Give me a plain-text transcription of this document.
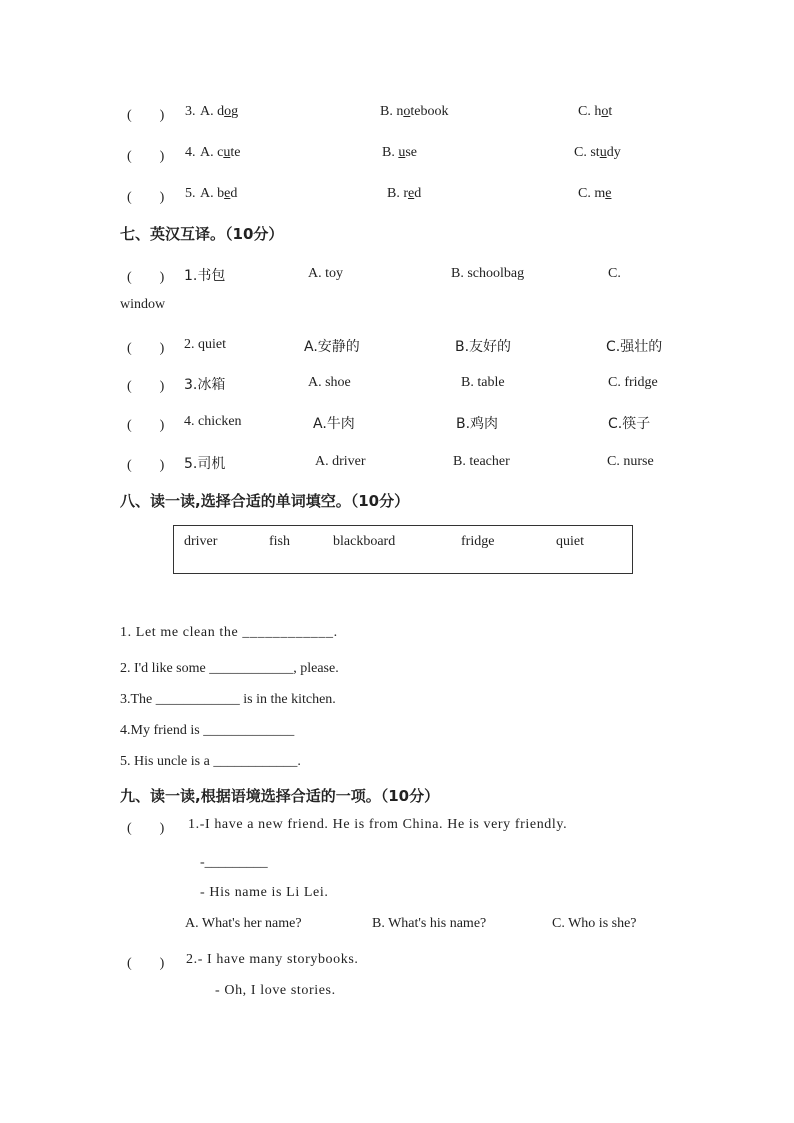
(　　) 3. A. dog	B. notebook	C. hot
(　　) 4. A. cute	B. use	C. study
(　　) 5. A. bed	B. red	C. me
七、英汉互译。（10分）
(　　) 1.书包	A. toy	B. schoolbag	C.
window
(　　) 2. quiet	A.安静的	B.友好的	C.强壮的
(　　) 3.冰箱	A. shoe	B. table	C. fridge
(　　) 4. chicken	A.牛肉	B.鸡肉	C.筷子
(　　) 5.司机	A. driver	B. teacher	C. nurse
八、读一读,选择合适的单词填空。（10分）
driver	fish	blackboard	fridge	quiet
1. Let me clean the ____________.
2. I'd like some ____________, please.
3.The ____________ is in the kitchen.
4.My friend is _____________
5. His uncle is a ____________.
九、读一读,根据语境选择合适的一项。（10分）
(　　) 1.-I have a new friend. He is from China. He is very friendly.
-_________
- His name is Li Lei.
A. What's her name?	B. What's his name?	C. Who is she?
(　　) 2.- I have many storybooks.
- Oh, I love stories.
